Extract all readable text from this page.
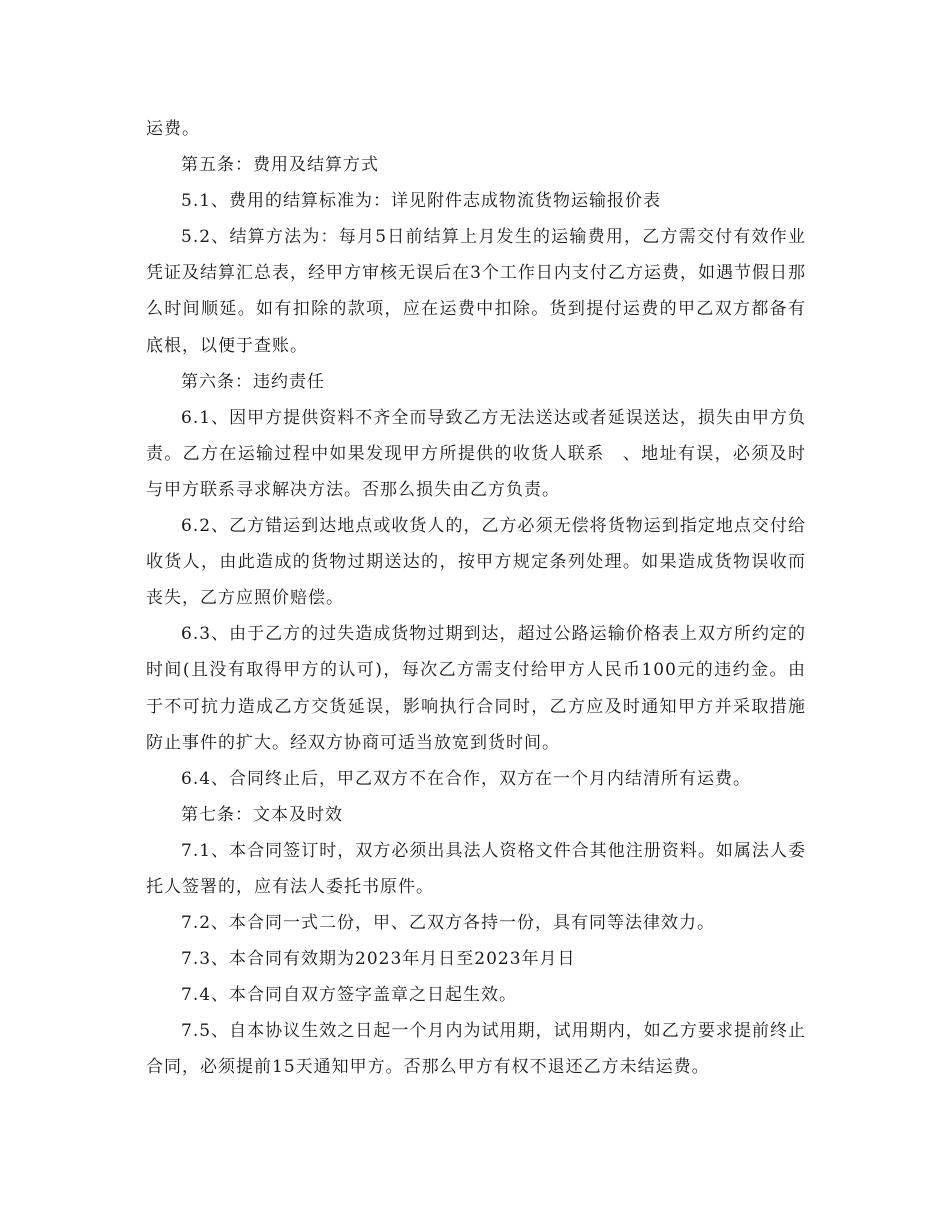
运费。

第五条：费用及结算方式

5.1、费用的结算标准为：详见附件志成物流货物运输报价表

5.2、结算方法为：每月5日前结算上月发生的运输费用，乙方需交付有效作业凭证及结算汇总表，经甲方审核无误后在3个工作日内支付乙方运费，如遇节假日那么时间顺延。如有扣除的款项，应在运费中扣除。货到提付运费的甲乙双方都备有底根，以便于查账。

第六条：违约责任

6.1、因甲方提供资料不齐全而导致乙方无法送达或者延误送达，损失由甲方负责。乙方在运输过程中如果发现甲方所提供的收货人联系　、地址有误，必须及时与甲方联系寻求解决方法。否那么损失由乙方负责。

6.2、乙方错运到达地点或收货人的，乙方必须无偿将货物运到指定地点交付给收货人，由此造成的货物过期送达的，按甲方规定条列处理。如果造成货物误收而丧失，乙方应照价赔偿。

6.3、由于乙方的过失造成货物过期到达，超过公路运输价格表上双方所约定的时间(且没有取得甲方的认可)，每次乙方需支付给甲方人民币100元的违约金。由于不可抗力造成乙方交货延误，影响执行合同时，乙方应及时通知甲方并采取措施防止事件的扩大。经双方协商可适当放宽到货时间。

6.4、合同终止后，甲乙双方不在合作，双方在一个月内结清所有运费。

第七条：文本及时效

7.1、本合同签订时，双方必须出具法人资格文件合其他注册资料。如属法人委托人签署的，应有法人委托书原件。

7.2、本合同一式二份，甲、乙双方各持一份，具有同等法律效力。

7.3、本合同有效期为2023年月日至2023年月日

7.4、本合同自双方签字盖章之日起生效。

7.5、自本协议生效之日起一个月内为试用期，试用期内，如乙方要求提前终止合同，必须提前15天通知甲方。否那么甲方有权不退还乙方未结运费。
